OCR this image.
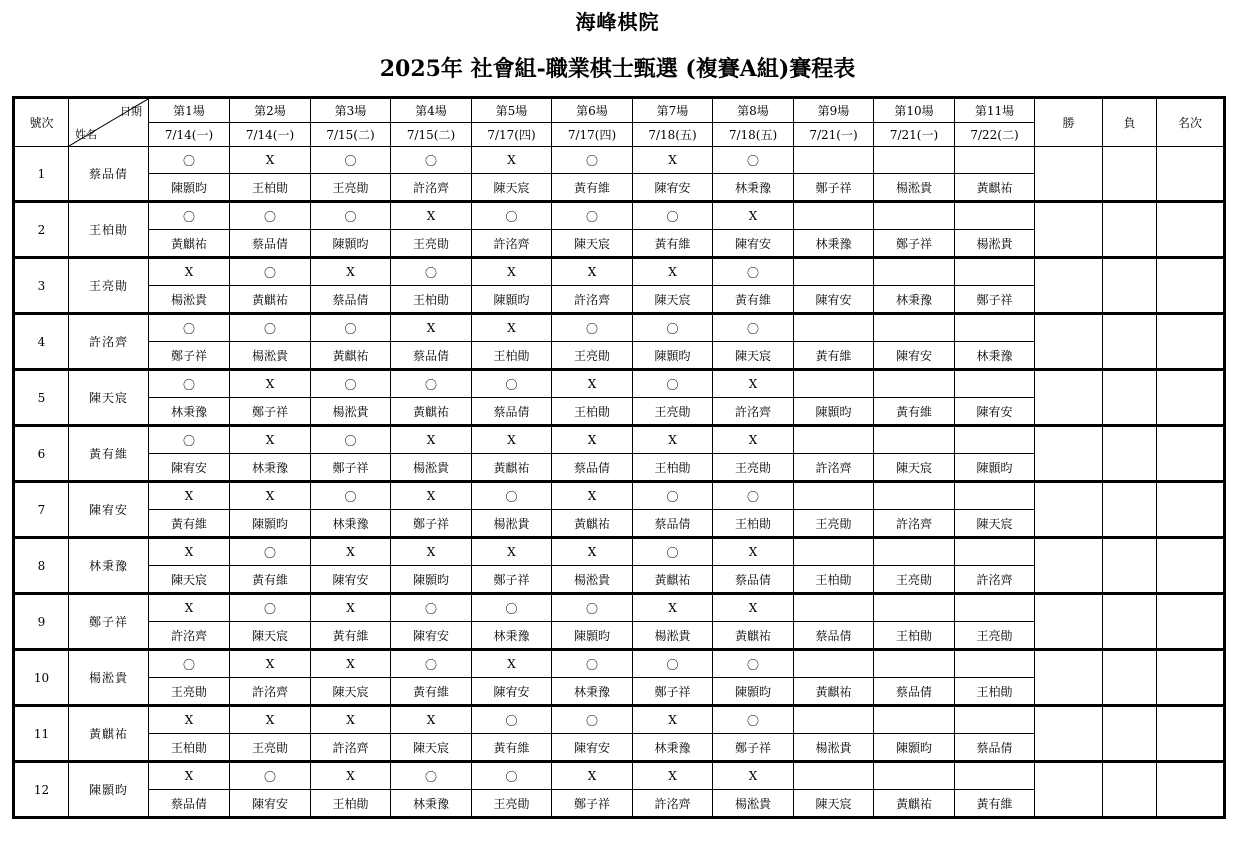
海峰棋院
2025年 社會組-職業棋士甄選 (複賽A組)賽程表
號次	日期
姓名	第1場	第2場	第3場	第4場	第5場	第6場	第7場	第8場	第9場	第10場	第11場	勝	負	名次
		7/14(一)	7/14(一)	7/15(二)	7/15(二)	7/17(四)	7/17(四)	7/18(五)	7/18(五)	7/21(一)	7/21(一)	7/22(二)			
1	蔡品倩	〇	X	〇	〇	X	〇	X	〇						
		陳顥昀	王柏勛	王亮勛	許洺齊	陳天宸	黃有維	陳宥安	林秉豫	鄭子祥	楊淞貴	黃麒祐			
2	王柏勛	〇	〇	〇	X	〇	〇	〇	X						
		黃麒祐	蔡品倩	陳顥昀	王亮勛	許洺齊	陳天宸	黃有維	陳宥安	林秉豫	鄭子祥	楊淞貴			
3	王亮勛	X	〇	X	〇	X	X	X	〇						
		楊淞貴	黃麒祐	蔡品倩	王柏勛	陳顥昀	許洺齊	陳天宸	黃有維	陳宥安	林秉豫	鄭子祥			
4	許洺齊	〇	〇	〇	X	X	〇	〇	〇						
		鄭子祥	楊淞貴	黃麒祐	蔡品倩	王柏勛	王亮勛	陳顥昀	陳天宸	黃有維	陳宥安	林秉豫			
5	陳天宸	〇	X	〇	〇	〇	X	〇	X						
		林秉豫	鄭子祥	楊淞貴	黃麒祐	蔡品倩	王柏勛	王亮勛	許洺齊	陳顥昀	黃有維	陳宥安			
6	黃有維	〇	X	〇	X	X	X	X	X						
		陳宥安	林秉豫	鄭子祥	楊淞貴	黃麒祐	蔡品倩	王柏勛	王亮勛	許洺齊	陳天宸	陳顥昀			
7	陳宥安	X	X	〇	X	〇	X	〇	〇						
		黃有維	陳顥昀	林秉豫	鄭子祥	楊淞貴	黃麒祐	蔡品倩	王柏勛	王亮勛	許洺齊	陳天宸			
8	林秉豫	X	〇	X	X	X	X	〇	X						
		陳天宸	黃有維	陳宥安	陳顥昀	鄭子祥	楊淞貴	黃麒祐	蔡品倩	王柏勛	王亮勛	許洺齊			
9	鄭子祥	X	〇	X	〇	〇	〇	X	X						
		許洺齊	陳天宸	黃有維	陳宥安	林秉豫	陳顥昀	楊淞貴	黃麒祐	蔡品倩	王柏勛	王亮勛			
10	楊淞貴	〇	X	X	〇	X	〇	〇	〇						
		王亮勛	許洺齊	陳天宸	黃有維	陳宥安	林秉豫	鄭子祥	陳顥昀	黃麒祐	蔡品倩	王柏勛			
11	黃麒祐	X	X	X	X	〇	〇	X	〇						
		王柏勛	王亮勛	許洺齊	陳天宸	黃有維	陳宥安	林秉豫	鄭子祥	楊淞貴	陳顥昀	蔡品倩			
12	陳顥昀	X	〇	X	〇	〇	X	X	X						
		蔡品倩	陳宥安	王柏勛	林秉豫	王亮勛	鄭子祥	許洺齊	楊淞貴	陳天宸	黃麒祐	黃有維			
